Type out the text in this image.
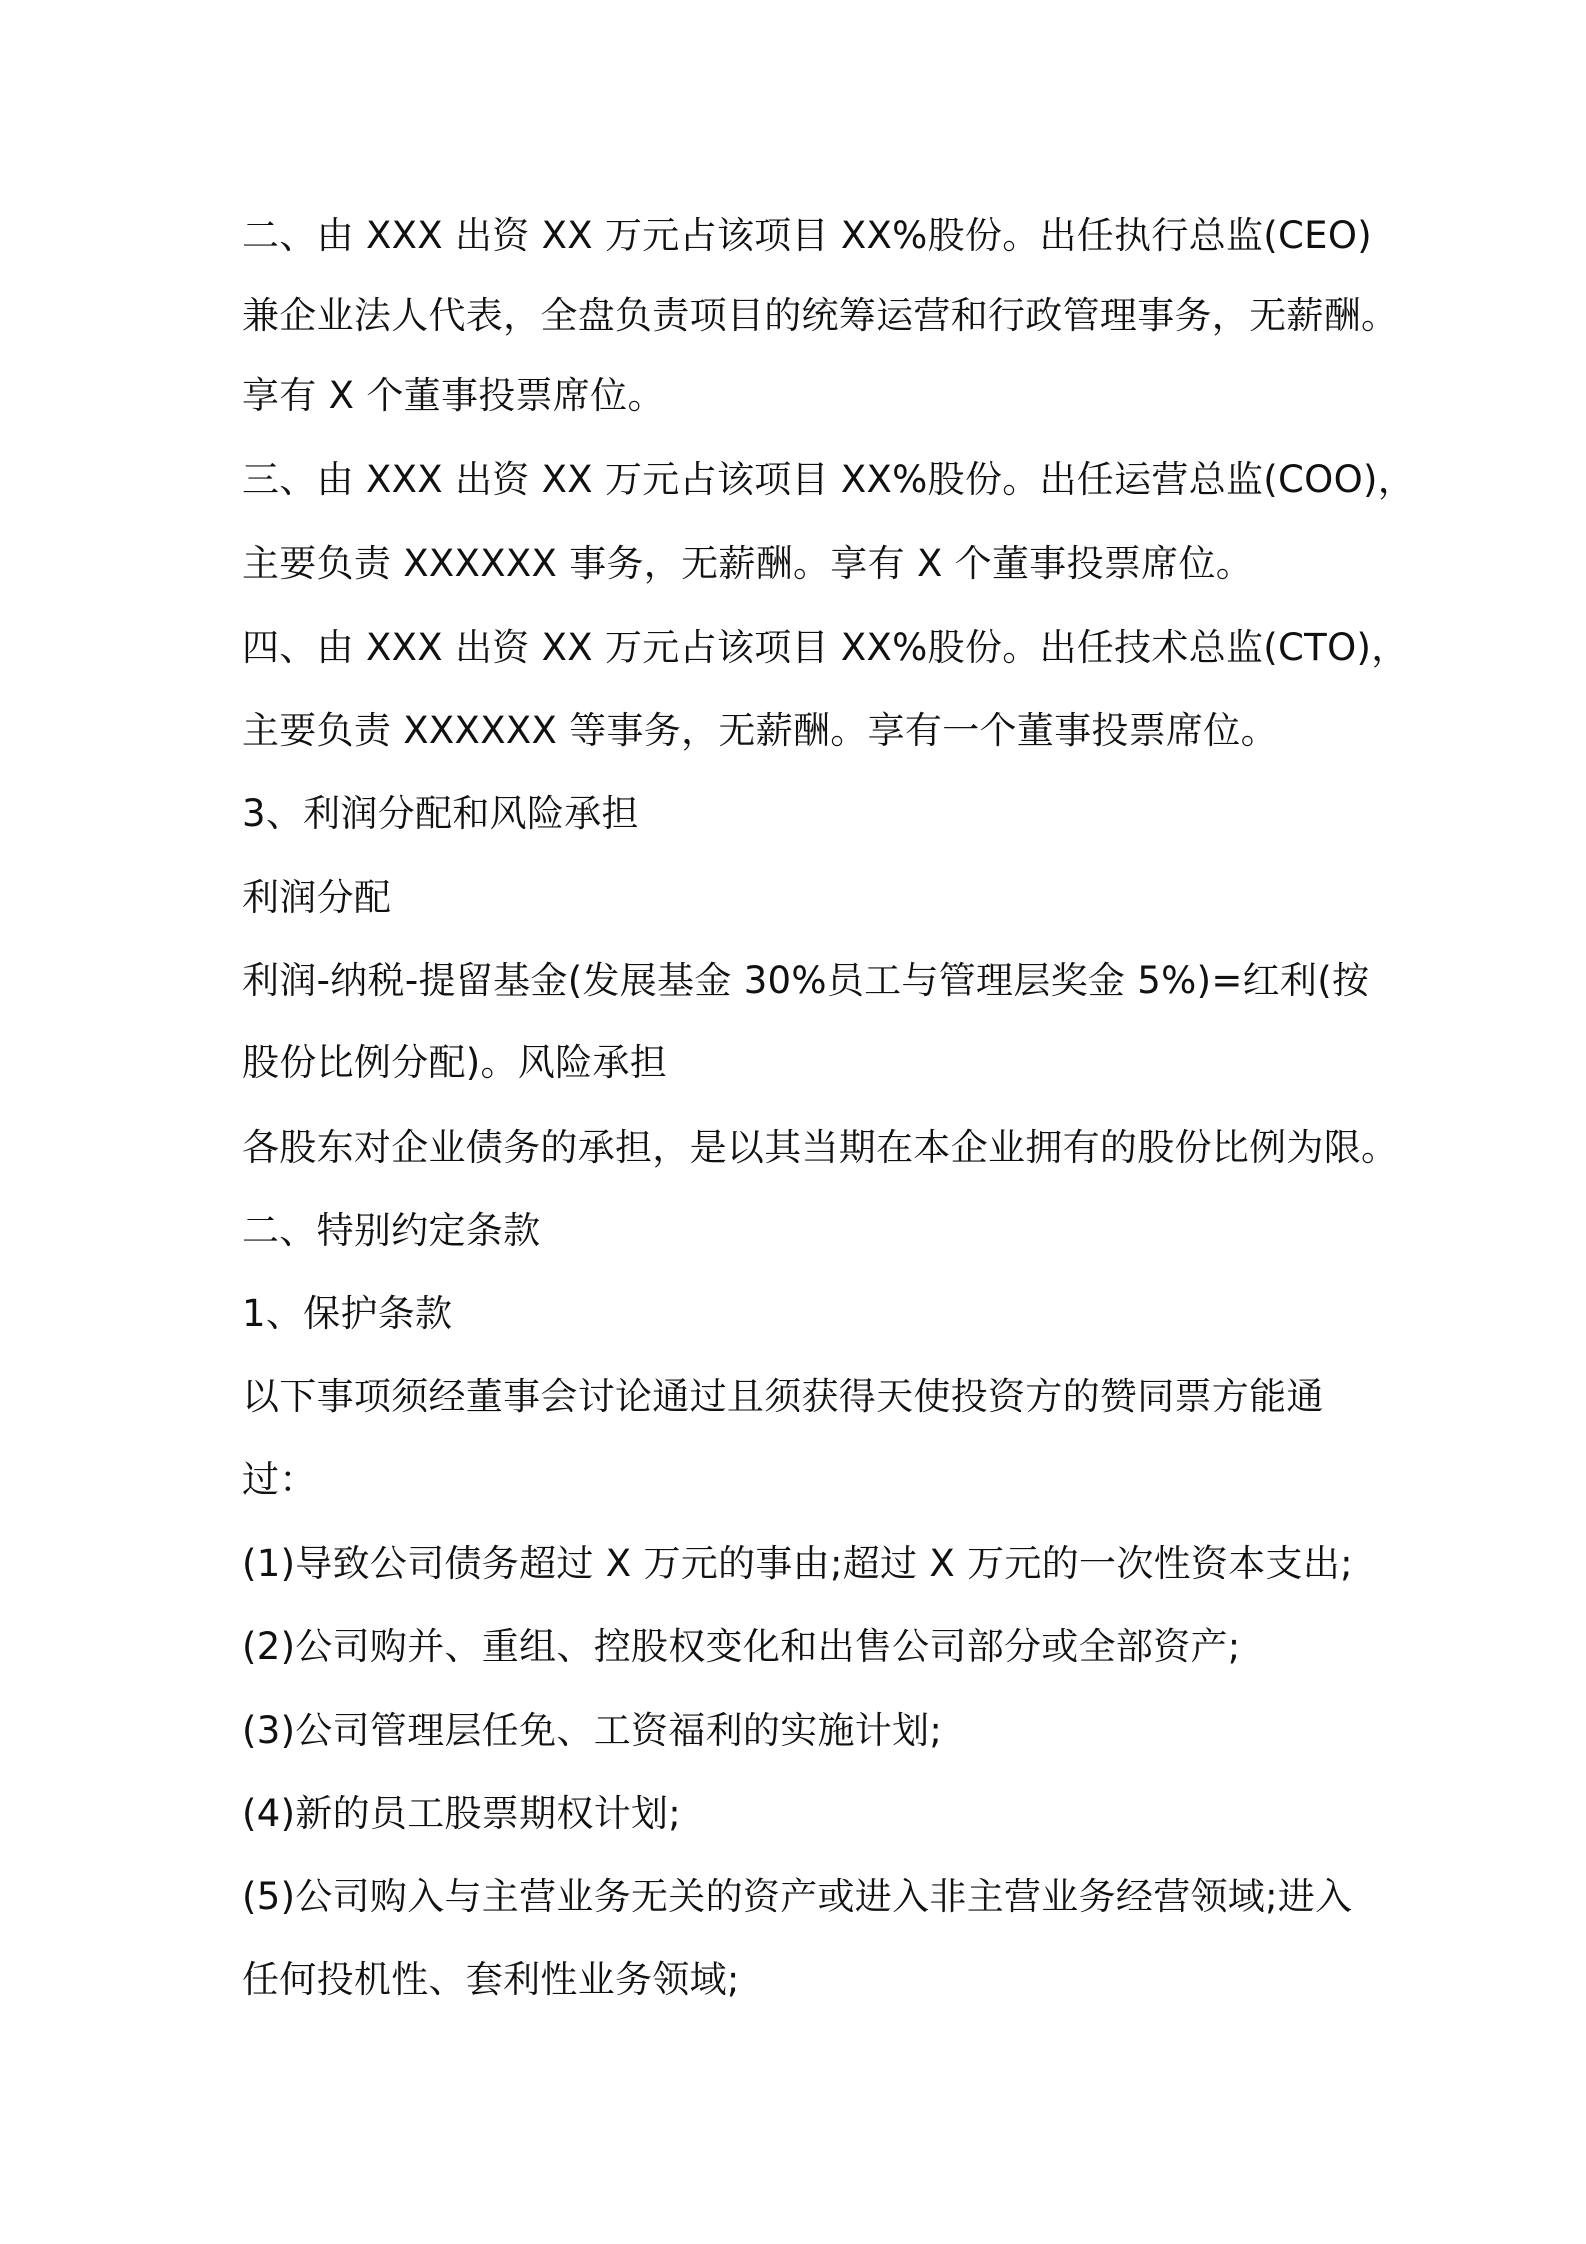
二、由 XXX 出资 XX 万元占该项目 XX%股份。出任执行总监(CEO)
兼企业法人代表，全盘负责项目的统筹运营和行政管理事务，无薪酬。
享有 X 个董事投票席位。
三、由 XXX 出资 XX 万元占该项目 XX%股份。出任运营总监(COO)，
主要负责 XXXXXX 事务，无薪酬。享有 X 个董事投票席位。
四、由 XXX 出资 XX 万元占该项目 XX%股份。出任技术总监(CTO)，
主要负责 XXXXXX 等事务，无薪酬。享有一个董事投票席位。
3、利润分配和风险承担
利润分配
利润-纳税-提留基金(发展基金 30%员工与管理层奖金 5%)=红利(按
股份比例分配)。风险承担
各股东对企业债务的承担，是以其当期在本企业拥有的股份比例为限。
二、特别约定条款
1、保护条款
以下事项须经董事会讨论通过且须获得天使投资方的赞同票方能通
过：
(1)导致公司债务超过 X 万元的事由;超过 X 万元的一次性资本支出;
(2)公司购并、重组、控股权变化和出售公司部分或全部资产;
(3)公司管理层任免、工资福利的实施计划;
(4)新的员工股票期权计划;
(5)公司购入与主营业务无关的资产或进入非主营业务经营领域;进入
任何投机性、套利性业务领域;
